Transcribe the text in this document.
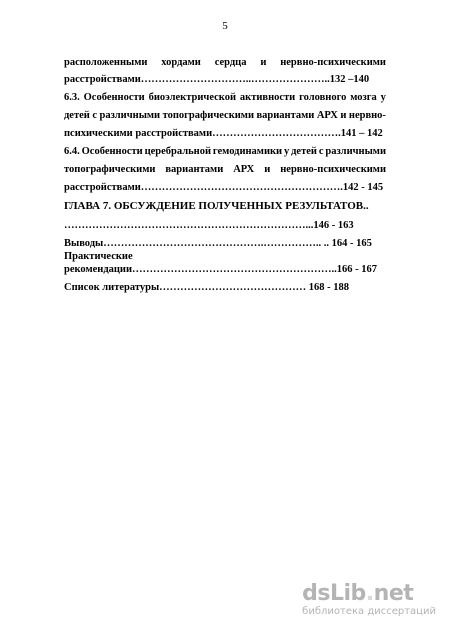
5
расположенными хордами сердца и нервно-психическими
расстройствами…………………………..…………………..132 –140
6.3. Особенности биоэлектрической активности головного мозга у
детей с различными топографическими вариантами АРХ и нервно-
психическими расстройствами……………………………….141 – 142
6.4. Особенности церебральной гемодинамики у детей с различными
топографическими вариантами АРХ и нервно-психическими
расстройствами………………………………………………….142 - 145
ГЛАВА 7. ОБСУЖДЕНИЕ ПОЛУЧЕННЫХ РЕЗУЛЬТАТОВ..
……………………………………………………………...146 - 163
Выводы……………………………………….…………….. .. 164 - 165
Практические
рекомендации…………………………………………………..166 - 167
Список литературы…………………………………… 168 - 188
dsLib.net
библиотека диссертаций
